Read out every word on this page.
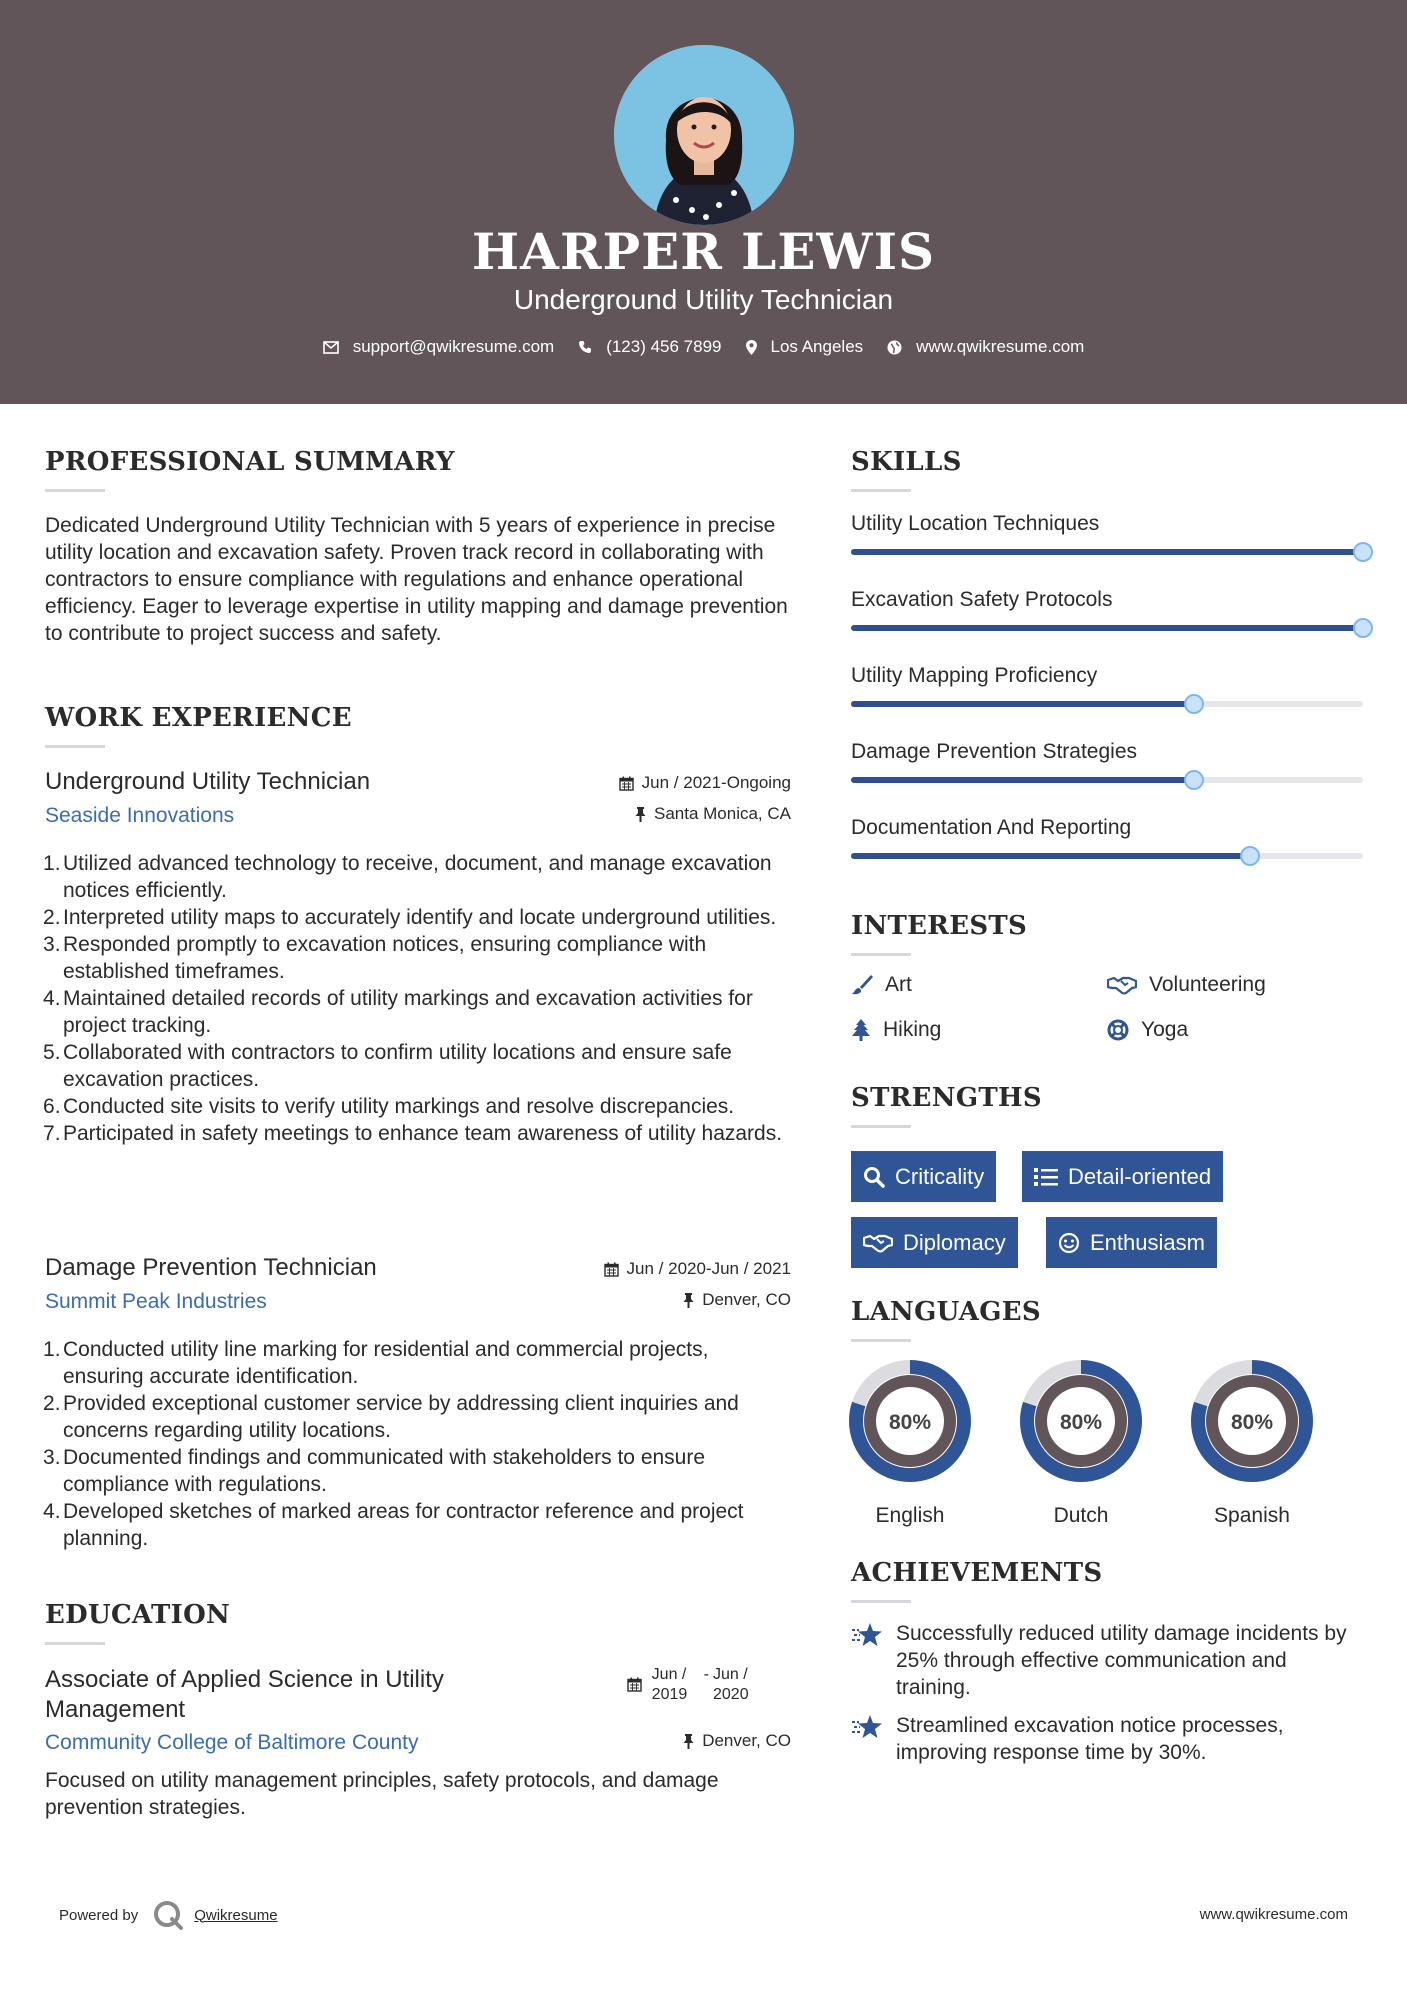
HARPER LEWIS
Underground Utility Technician
support@qwikresume.com	(123) 456 7899	Los Angeles	www.qwikresume.com
PROFESSIONAL SUMMARY
Dedicated Underground Utility Technician with 5 years of experience in precise utility location and excavation safety. Proven track record in collaborating with contractors to ensure compliance with regulations and enhance operational efficiency. Eager to leverage expertise in utility mapping and damage prevention to contribute to project success and safety.
WORK EXPERIENCE
Underground Utility Technician
Seaside Innovations
Jun / 2021-Ongoing
Santa Monica, CA
Utilized advanced technology to receive, document, and manage excavation notices efficiently.
Interpreted utility maps to accurately identify and locate underground utilities.
Responded promptly to excavation notices, ensuring compliance with established timeframes.
Maintained detailed records of utility markings and excavation activities for project tracking.
Collaborated with contractors to confirm utility locations and ensure safe excavation practices.
Conducted site visits to verify utility markings and resolve discrepancies.
Participated in safety meetings to enhance team awareness of utility hazards.
Damage Prevention Technician
Summit Peak Industries
Jun / 2020-Jun / 2021
Denver, CO
Conducted utility line marking for residential and commercial projects, ensuring accurate identification.
Provided exceptional customer service by addressing client inquiries and concerns regarding utility locations.
Documented findings and communicated with stakeholders to ensure compliance with regulations.
Developed sketches of marked areas for contractor reference and project planning.
EDUCATION
Associate of Applied Science in Utility Management
Community College of Baltimore County
Jun / 2019
- Jun / 2020
Denver, CO
Focused on utility management principles, safety protocols, and damage prevention strategies.
SKILLS
Utility Location Techniques
Excavation Safety Protocols
Utility Mapping Proficiency
Damage Prevention Strategies
Documentation And Reporting
INTERESTS
Art	Volunteering
Hiking	Yoga
STRENGTHS
Criticality	Detail-oriented
Diplomacy	Enthusiasm
LANGUAGES
80%
English
80%
Dutch
80%
Spanish
ACHIEVEMENTS
Successfully reduced utility damage incidents by 25% through effective communication and training.
Streamlined excavation notice processes, improving response time by 30%.
Powered by	Qwikresume	www.qwikresume.com
